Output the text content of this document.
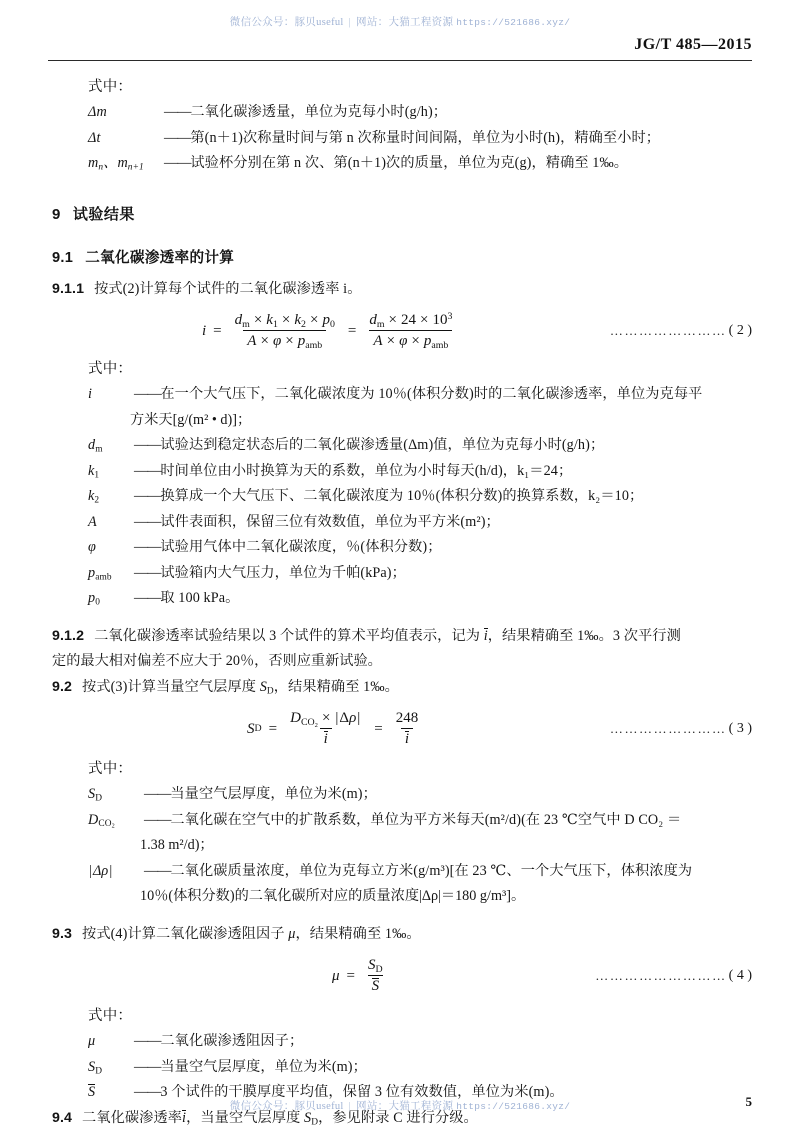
微信公众号：豚贝useful | 网站：大猫工程资源 https://521686.xyz/
JG/T 485—2015
式中：
Δm	——二氧化碳渗透量，单位为克每小时(g/h)；
Δt	——第(n＋1)次称量时间与第 n 次称量时间间隔，单位为小时(h)，精确至小时；
$m_n$、$m_{n+1}$	——试验杯分别在第 n 次、第(n＋1)次的质量，单位为克(g)，精确至 1‰。
9 试验结果
9.1 二氧化碳渗透率的计算
9.1.1 按式(2)计算每个试件的二氧化碳渗透率 i。
$i = \frac{d_m \times k_1 \times k_2 \times p_0}{A \times \varphi \times p_{amb}} = \frac{d_m \times 24 \times 10^3}{A \times \varphi \times p_{amb}}$	…………………… ( 2 )
式中：
i	——在一个大气压下，二氧化碳浓度为 10％(体积分数)时的二氧化碳渗透率，单位为克每平
方米天[g/(m² • d)]；
$d_m$	——试验达到稳定状态后的二氧化碳渗透量(Δm)值，单位为克每小时(g/h)；
$k_1$	——时间单位由小时换算为天的系数，单位为小时每天(h/d)，k₁＝24；
$k_2$	——换算成一个大气压下、二氧化碳浓度为 10％(体积分数)的换算系数，k₂＝10；
A	——试件表面积，保留三位有效数值，单位为平方米(m²)；
φ	——试验用气体中二氧化碳浓度，％(体积分数)；
$p_{amb}$	——试验箱内大气压力，单位为千帕(kPa)；
$p_0$	——取 100 kPa。
9.1.2 二氧化碳渗透率试验结果以 3 个试件的算术平均值表示，记为 i，结果精确至 1‰。3 次平行测
定的最大相对偏差不应大于 20％，否则应重新试验。
9.2 按式(3)计算当量空气层厚度 $S_D$，结果精确至 1‰。
S $D = \frac{D_{CO_2} \times |\Delta\rho|}{i} = \frac{248}{i}$	…………………… ( 3 )
式中：
$S_D$	——当量空气层厚度，单位为米(m)；
$D_{CO_2}$	——二氧化碳在空气中的扩散系数，单位为平方米每天(m²/d)(在 23 ℃空气中 D CO₂ ＝
1.38 m²/d)；
|Δρ|	——二氧化碳质量浓度，单位为克每立方米(g/m³)[在 23 ℃、一个大气压下，体积浓度为
10％(体积分数)的二氧化碳所对应的质量浓度|Δρ|＝180 g/m³]。
9.3 按式(4)计算二氧化碳渗透阻因子 μ，结果精确至 1‰。
$\mu = \frac{S_D}{S}$	……………………… ( 4 )
式中：
μ	——二氧化碳渗透阻因子；
$S_D$	——当量空气层厚度，单位为米(m)；
S	——3 个试件的干膜厚度平均值，保留 3 位有效数值，单位为米(m)。
9.4 二氧化碳渗透率i，当量空气层厚度 $S_D$，参见附录 C 进行分级。
微信公众号：豚贝useful | 网站：大猫工程资源 https://521686.xyz/	5
